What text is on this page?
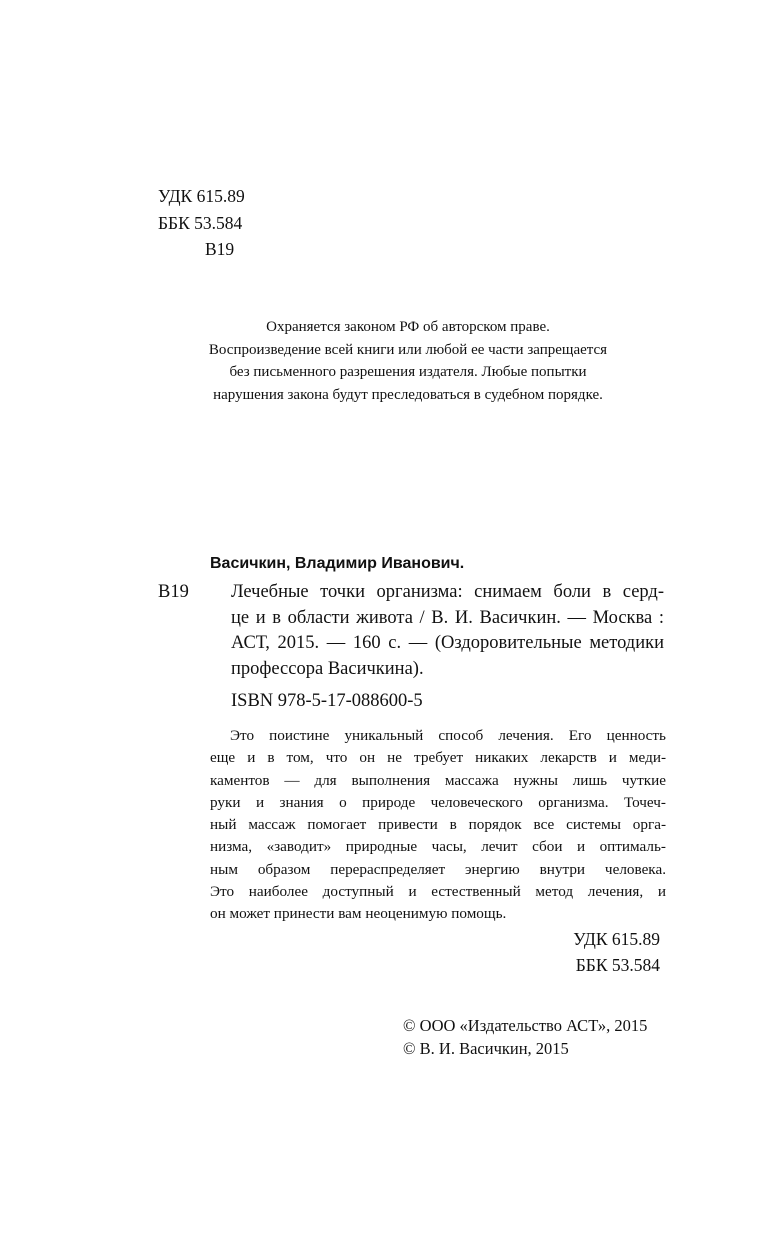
УДК 615.89
ББК 53.584
В19
Охраняется законом РФ об авторском праве.
Воспроизведение всей книги или любой ее части запрещается
без письменного разрешения издателя. Любые попытки
нарушения закона будут преследоваться в судебном порядке.
Васичкин, Владимир Иванович.
В19 Лечебные точки организма: снимаем боли в серд-
це и в области живота / В. И. Васичкин. — Москва :
АСТ, 2015. — 160 с. — (Оздоровительные методики
профессора Васичкина).
ISBN 978-5-17-088600-5
Это поистине уникальный способ лечения. Его ценность
еще и в том, что он не требует никаких лекарств и меди-
каментов — для выполнения массажа нужны лишь чуткие
руки и знания о природе человеческого организма. Точеч-
ный массаж помогает привести в порядок все системы орга-
низма, «заводит» природные часы, лечит сбои и оптималь-
ным образом перераспределяет энергию внутри человека.
Это наиболее доступный и естественный метод лечения, и
он может принести вам неоценимую помощь.
УДК 615.89
ББК 53.584
© ООО «Издательство АСТ», 2015
© В. И. Васичкин, 2015
